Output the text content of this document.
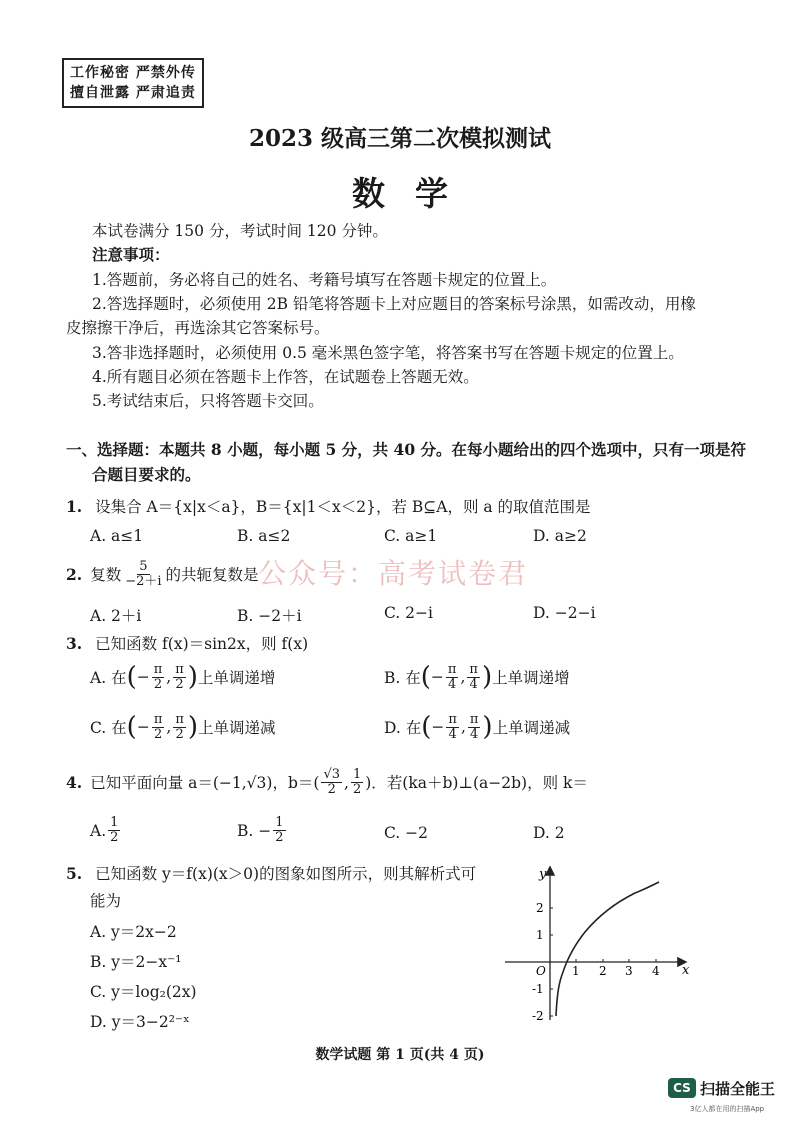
工作秘密 严禁外传
擅自泄露 严肃追责
2023 级高三第二次模拟测试
数学
本试卷满分 150 分，考试时间 120 分钟。
注意事项：
1.答题前，务必将自己的姓名、考籍号填写在答题卡规定的位置上。
2.答选择题时，必须使用 2B 铅笔将答题卡上对应题目的答案标号涂黑，如需改动，用橡
皮擦擦干净后，再选涂其它答案标号。
3.答非选择题时，必须使用 0.5 毫米黑色签字笔，将答案书写在答题卡规定的位置上。
4.所有题目必须在答题卡上作答，在试题卷上答题无效。
5.考试结束后，只将答题卡交回。
一、选择题：本题共 8 小题，每小题 5 分，共 40 分。在每小题给出的四个选项中，只有一项是符
合题目要求的。
1. 设集合 A＝{x|x＜a}，B＝{x|1＜x＜2}，若 B⊆A，则 a 的取值范围是
A. a≤1	B. a≤2	C. a≥1	D. a≥2
2. 复数 $\frac{5}{-2+i}$ 的共轭复数是
A. 2＋i	B. −2＋i	C. 2−i	D. −2−i
3. 已知函数 f(x)＝sin2x，则 f(x)
A. 在 ( − $\frac{\pi}{2}$ , $\frac{\pi}{2}$ ) 上单调递增	B. 在 ( − $\frac{\pi}{4}$ , $\frac{\pi}{4}$ ) 上单调递增
C. 在 ( − $\frac{\pi}{2}$ , $\frac{\pi}{2}$ ) 上单调递减	D. 在 ( − $\frac{\pi}{4}$ , $\frac{\pi}{4}$ ) 上单调递减
4. 已知平面向量 a＝(−1,√3)，$b=( \frac{√3}{2}$ , $\frac{1}{2}$ )．若(ka＋b)⊥(a−2b)，则 k＝
A. $\frac{1}{2}$	B. − $\frac{1}{2}$	C. −2	D. 2
5. 已知函数 y＝f(x)(x＞0)的图象如图所示，则其解析式可
能为
A. y＝2x−2
B. y＝2−x⁻¹
C. y＝log₂(2x)
D. y＝3−2²⁻ˣ
y
x
O 1 2 3 4
2
1
-1
-2
公众号：高考试卷君
数学试题 第 1 页(共 4 页)
CS 扫描全能王
3亿人都在用的扫描App
